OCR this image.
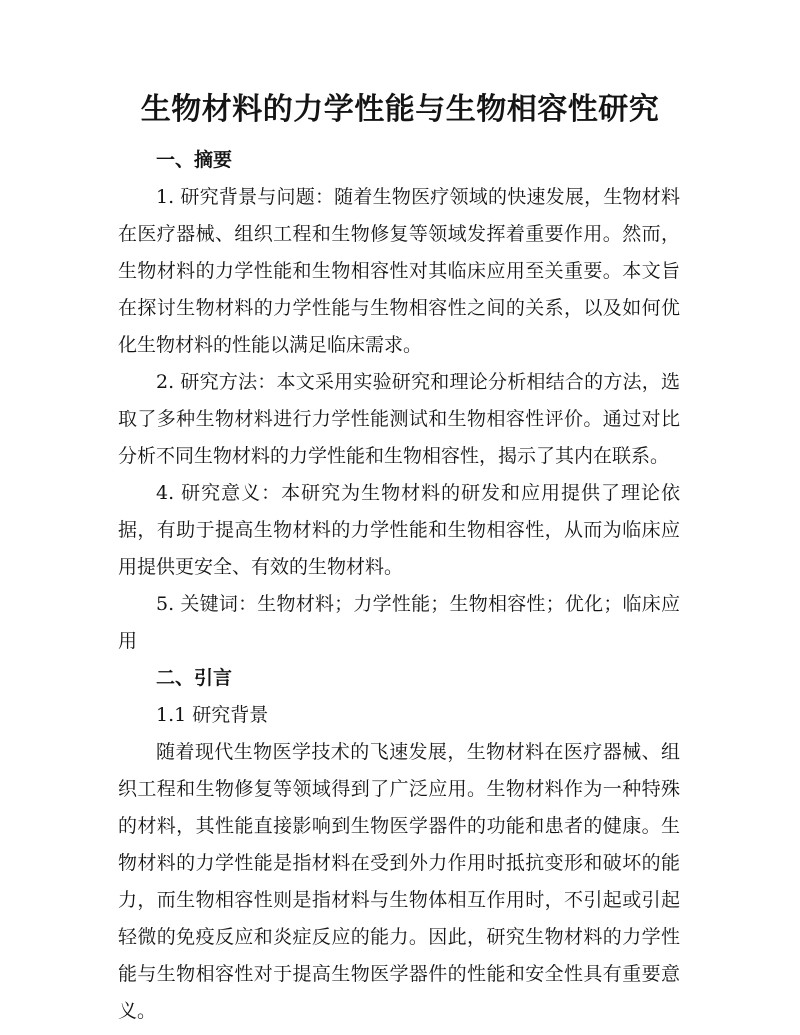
生物材料的力学性能与生物相容性研究
一、摘要

1. 研究背景与问题：随着生物医疗领域的快速发展，生物材料在医疗器械、组织工程和生物修复等领域发挥着重要作用。然而，生物材料的力学性能和生物相容性对其临床应用至关重要。本文旨在探讨生物材料的力学性能与生物相容性之间的关系，以及如何优化生物材料的性能以满足临床需求。

2. 研究方法：本文采用实验研究和理论分析相结合的方法，选取了多种生物材料进行力学性能测试和生物相容性评价。通过对比分析不同生物材料的力学性能和生物相容性，揭示了其内在联系。

4. 研究意义：本研究为生物材料的研发和应用提供了理论依据，有助于提高生物材料的力学性能和生物相容性，从而为临床应用提供更安全、有效的生物材料。

5. 关键词：生物材料；力学性能；生物相容性；优化；临床应用

二、引言

1.1 研究背景

随着现代生物医学技术的飞速发展，生物材料在医疗器械、组织工程和生物修复等领域得到了广泛应用。生物材料作为一种特殊的材料，其性能直接影响到生物医学器件的功能和患者的健康。生物材料的力学性能是指材料在受到外力作用时抵抗变形和破坏的能力，而生物相容性则是指材料与生物体相互作用时，不引起或引起轻微的免疫反应和炎症反应的能力。因此，研究生物材料的力学性能与生物相容性对于提高生物医学器件的性能和安全性具有重要意义。
